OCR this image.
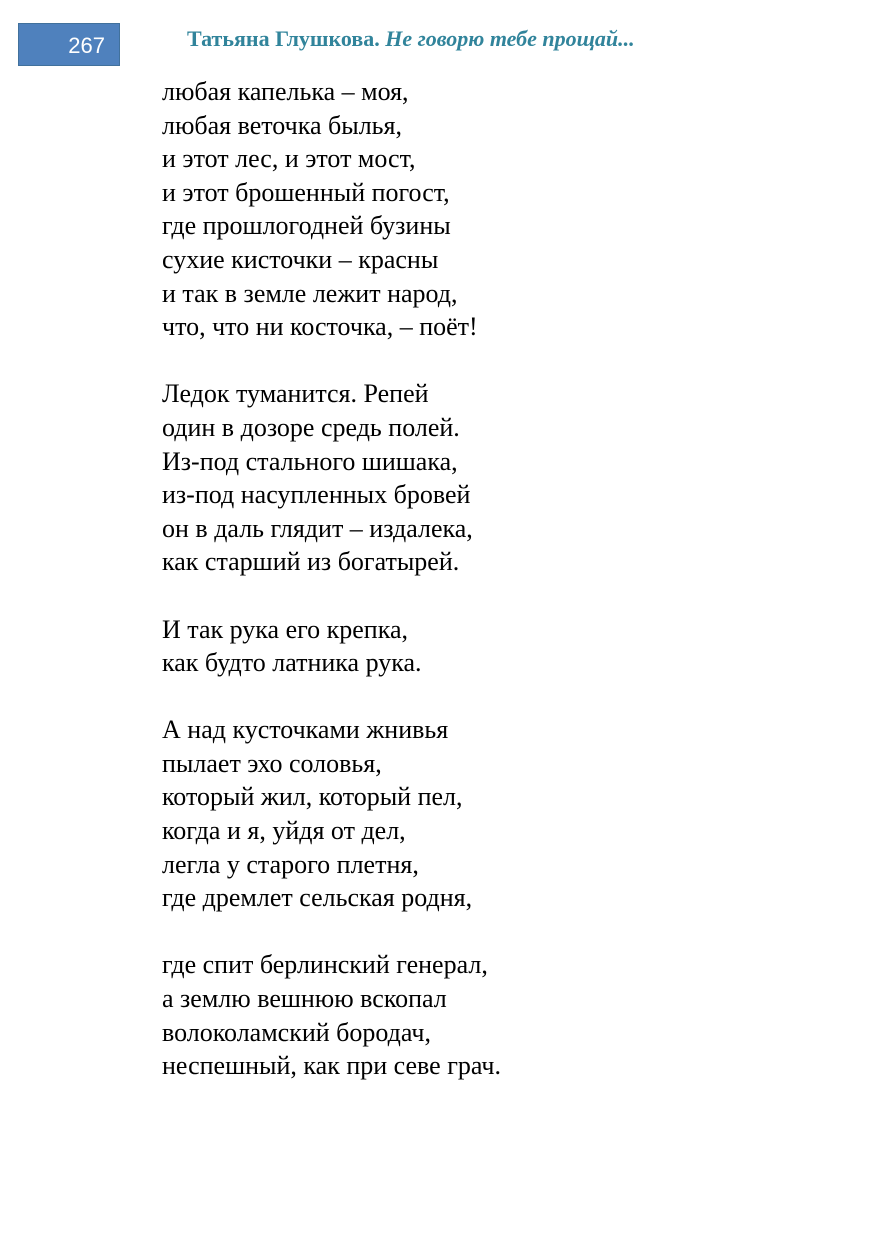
267	Татьяна Глушкова. Не говорю тебе прощай...
любая капелька – моя,
любая веточка былья,
и этот лес, и этот мост,
и этот брошенный погост,
где прошлогодней бузины
сухие кисточки – красны
и так в земле лежит народ,
что, что ни косточка, – поёт!
Ледок туманится. Репей
один в дозоре средь полей.
Из-под стального шишака,
из-под насупленных бровей
он в даль глядит – издалека,
как старший из богатырей.
И так рука его крепка,
как будто латника рука.
А над кусточками жнивья
пылает эхо соловья,
который жил, который пел,
когда и я, уйдя от дел,
легла у старого плетня,
где дремлет сельская родня,
где спит берлинский генерал,
а землю вешнюю вскопал
волоколамский бородач,
неспешный, как при севе грач.
